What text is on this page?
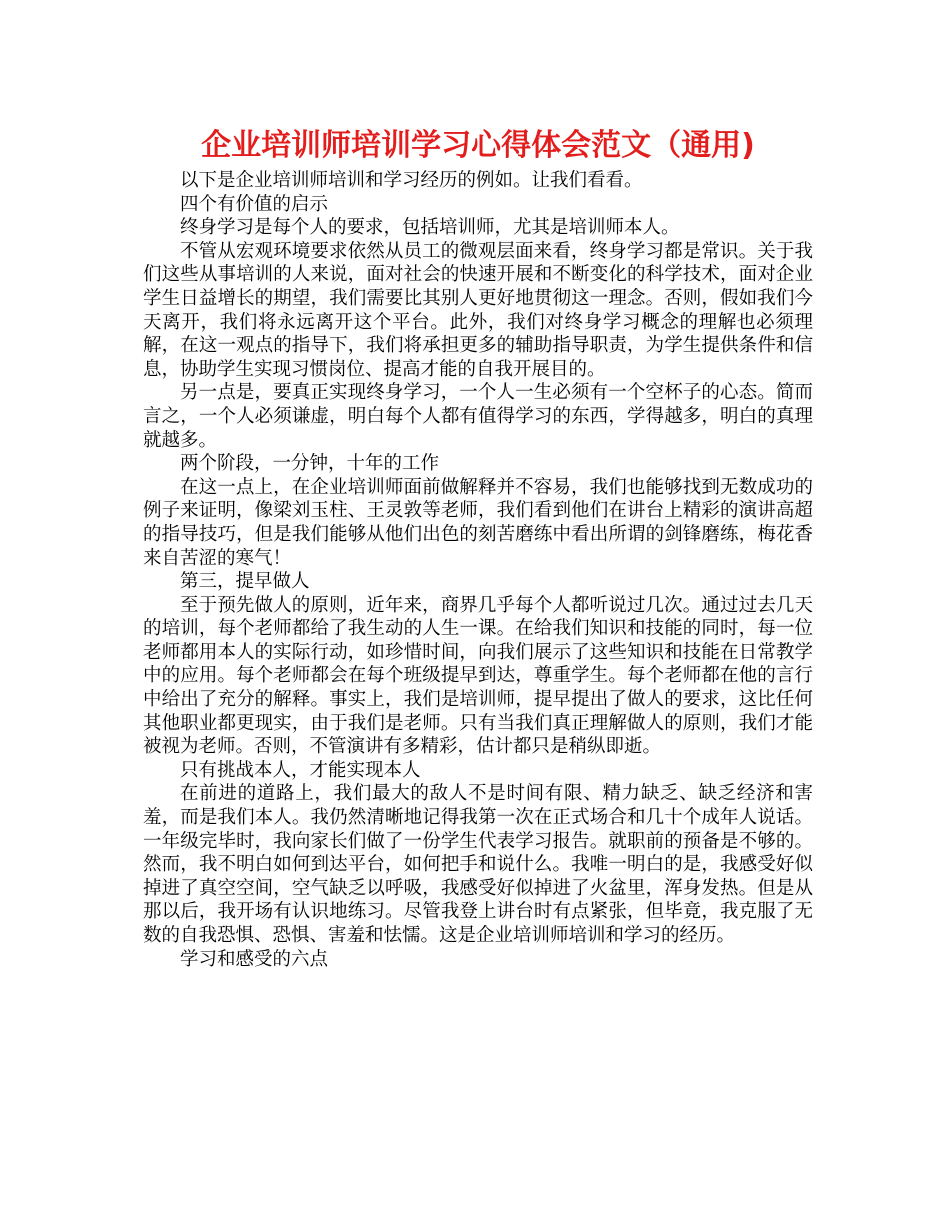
企业培训师培训学习心得体会范文（通用)

以下是企业培训师培训和学习经历的例如。让我们看看。

四个有价值的启示

终身学习是每个人的要求，包括培训师，尤其是培训师本人。

不管从宏观环境要求依然从员工的微观层面来看，终身学习都是常识。关于我们这些从事培训的人来说，面对社会的快速开展和不断变化的科学技术，面对企业学生日益增长的期望，我们需要比其别人更好地贯彻这一理念。否则，假如我们今天离开，我们将永远离开这个平台。此外，我们对终身学习概念的理解也必须理解，在这一观点的指导下，我们将承担更多的辅助指导职责，为学生提供条件和信息，协助学生实现习惯岗位、提高才能的自我开展目的。

另一点是，要真正实现终身学习，一个人一生必须有一个空杯子的心态。简而言之，一个人必须谦虚，明白每个人都有值得学习的东西，学得越多，明白的真理就越多。

两个阶段，一分钟，十年的工作

在这一点上，在企业培训师面前做解释并不容易，我们也能够找到无数成功的例子来证明，像梁刘玉柱、王灵敦等老师，我们看到他们在讲台上精彩的演讲高超的指导技巧，但是我们能够从他们出色的刻苦磨练中看出所谓的剑锋磨练，梅花香来自苦涩的寒气！

第三，提早做人

至于预先做人的原则，近年来，商界几乎每个人都听说过几次。通过过去几天的培训，每个老师都给了我生动的人生一课。在给我们知识和技能的同时，每一位老师都用本人的实际行动，如珍惜时间，向我们展示了这些知识和技能在日常教学中的应用。每个老师都会在每个班级提早到达，尊重学生。每个老师都在他的言行中给出了充分的解释。事实上，我们是培训师，提早提出了做人的要求，这比任何其他职业都更现实，由于我们是老师。只有当我们真正理解做人的原则，我们才能被视为老师。否则，不管演讲有多精彩，估计都只是稍纵即逝。

只有挑战本人，才能实现本人

在前进的道路上，我们最大的敌人不是时间有限、精力缺乏、缺乏经济和害羞，而是我们本人。我仍然清晰地记得我第一次在正式场合和几十个成年人说话。一年级完毕时，我向家长们做了一份学生代表学习报告。就职前的预备是不够的。然而，我不明白如何到达平台，如何把手和说什么。我唯一明白的是，我感受好似掉进了真空空间，空气缺乏以呼吸，我感受好似掉进了火盆里，浑身发热。但是从那以后，我开场有认识地练习。尽管我登上讲台时有点紧张，但毕竟，我克服了无数的自我恐惧、恐惧、害羞和怯懦。这是企业培训师培训和学习的经历。

学习和感受的六点
